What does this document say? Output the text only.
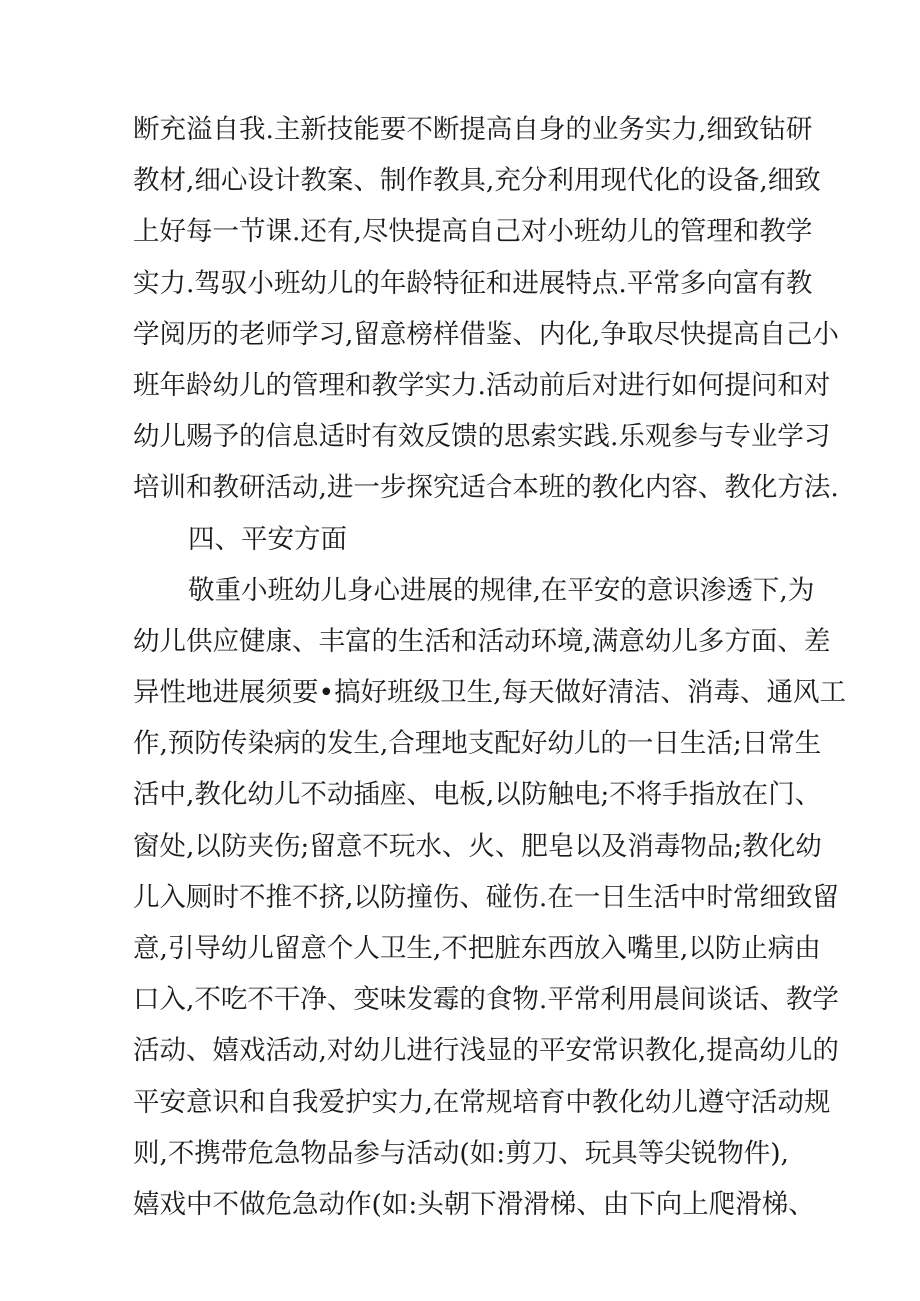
断充溢自我.主新技能要不断提高自身的业务实力,细致钻研
教材,细心设计教案、制作教具,充分利用现代化的设备,细致
上好每一节课.还有,尽快提高自己对小班幼儿的管理和教学
实力.驾驭小班幼儿的年龄特征和进展特点.平常多向富有教
学阅历的老师学习,留意榜样借鉴、内化,争取尽快提高自己小
班年龄幼儿的管理和教学实力.活动前后对进行如何提问和对
幼儿赐予的信息适时有效反馈的思索实践.乐观参与专业学习
培训和教研活动,进一步探究适合本班的教化内容、教化方法.
四、平安方面
敬重小班幼儿身心进展的规律,在平安的意识渗透下,为
幼儿供应健康、丰富的生活和活动环境,满意幼儿多方面、差
异性地进展须要•搞好班级卫生,每天做好清洁、消毒、通风工
作,预防传染病的发生,合理地支配好幼儿的一日生活;日常生
活中,教化幼儿不动插座、电板,以防触电;不将手指放在门、
窗处,以防夹伤;留意不玩水、火、肥皂以及消毒物品;教化幼
儿入厕时不推不挤,以防撞伤、碰伤.在一日生活中时常细致留
意,引导幼儿留意个人卫生,不把脏东西放入嘴里,以防止病由
口入,不吃不干净、变味发霉的食物.平常利用晨间谈话、教学
活动、嬉戏活动,对幼儿进行浅显的平安常识教化,提高幼儿的
平安意识和自我爱护实力,在常规培育中教化幼儿遵守活动规
则,不携带危急物品参与活动(如:剪刀、玩具等尖锐物件),
嬉戏中不做危急动作(如:头朝下滑滑梯、由下向上爬滑梯、
